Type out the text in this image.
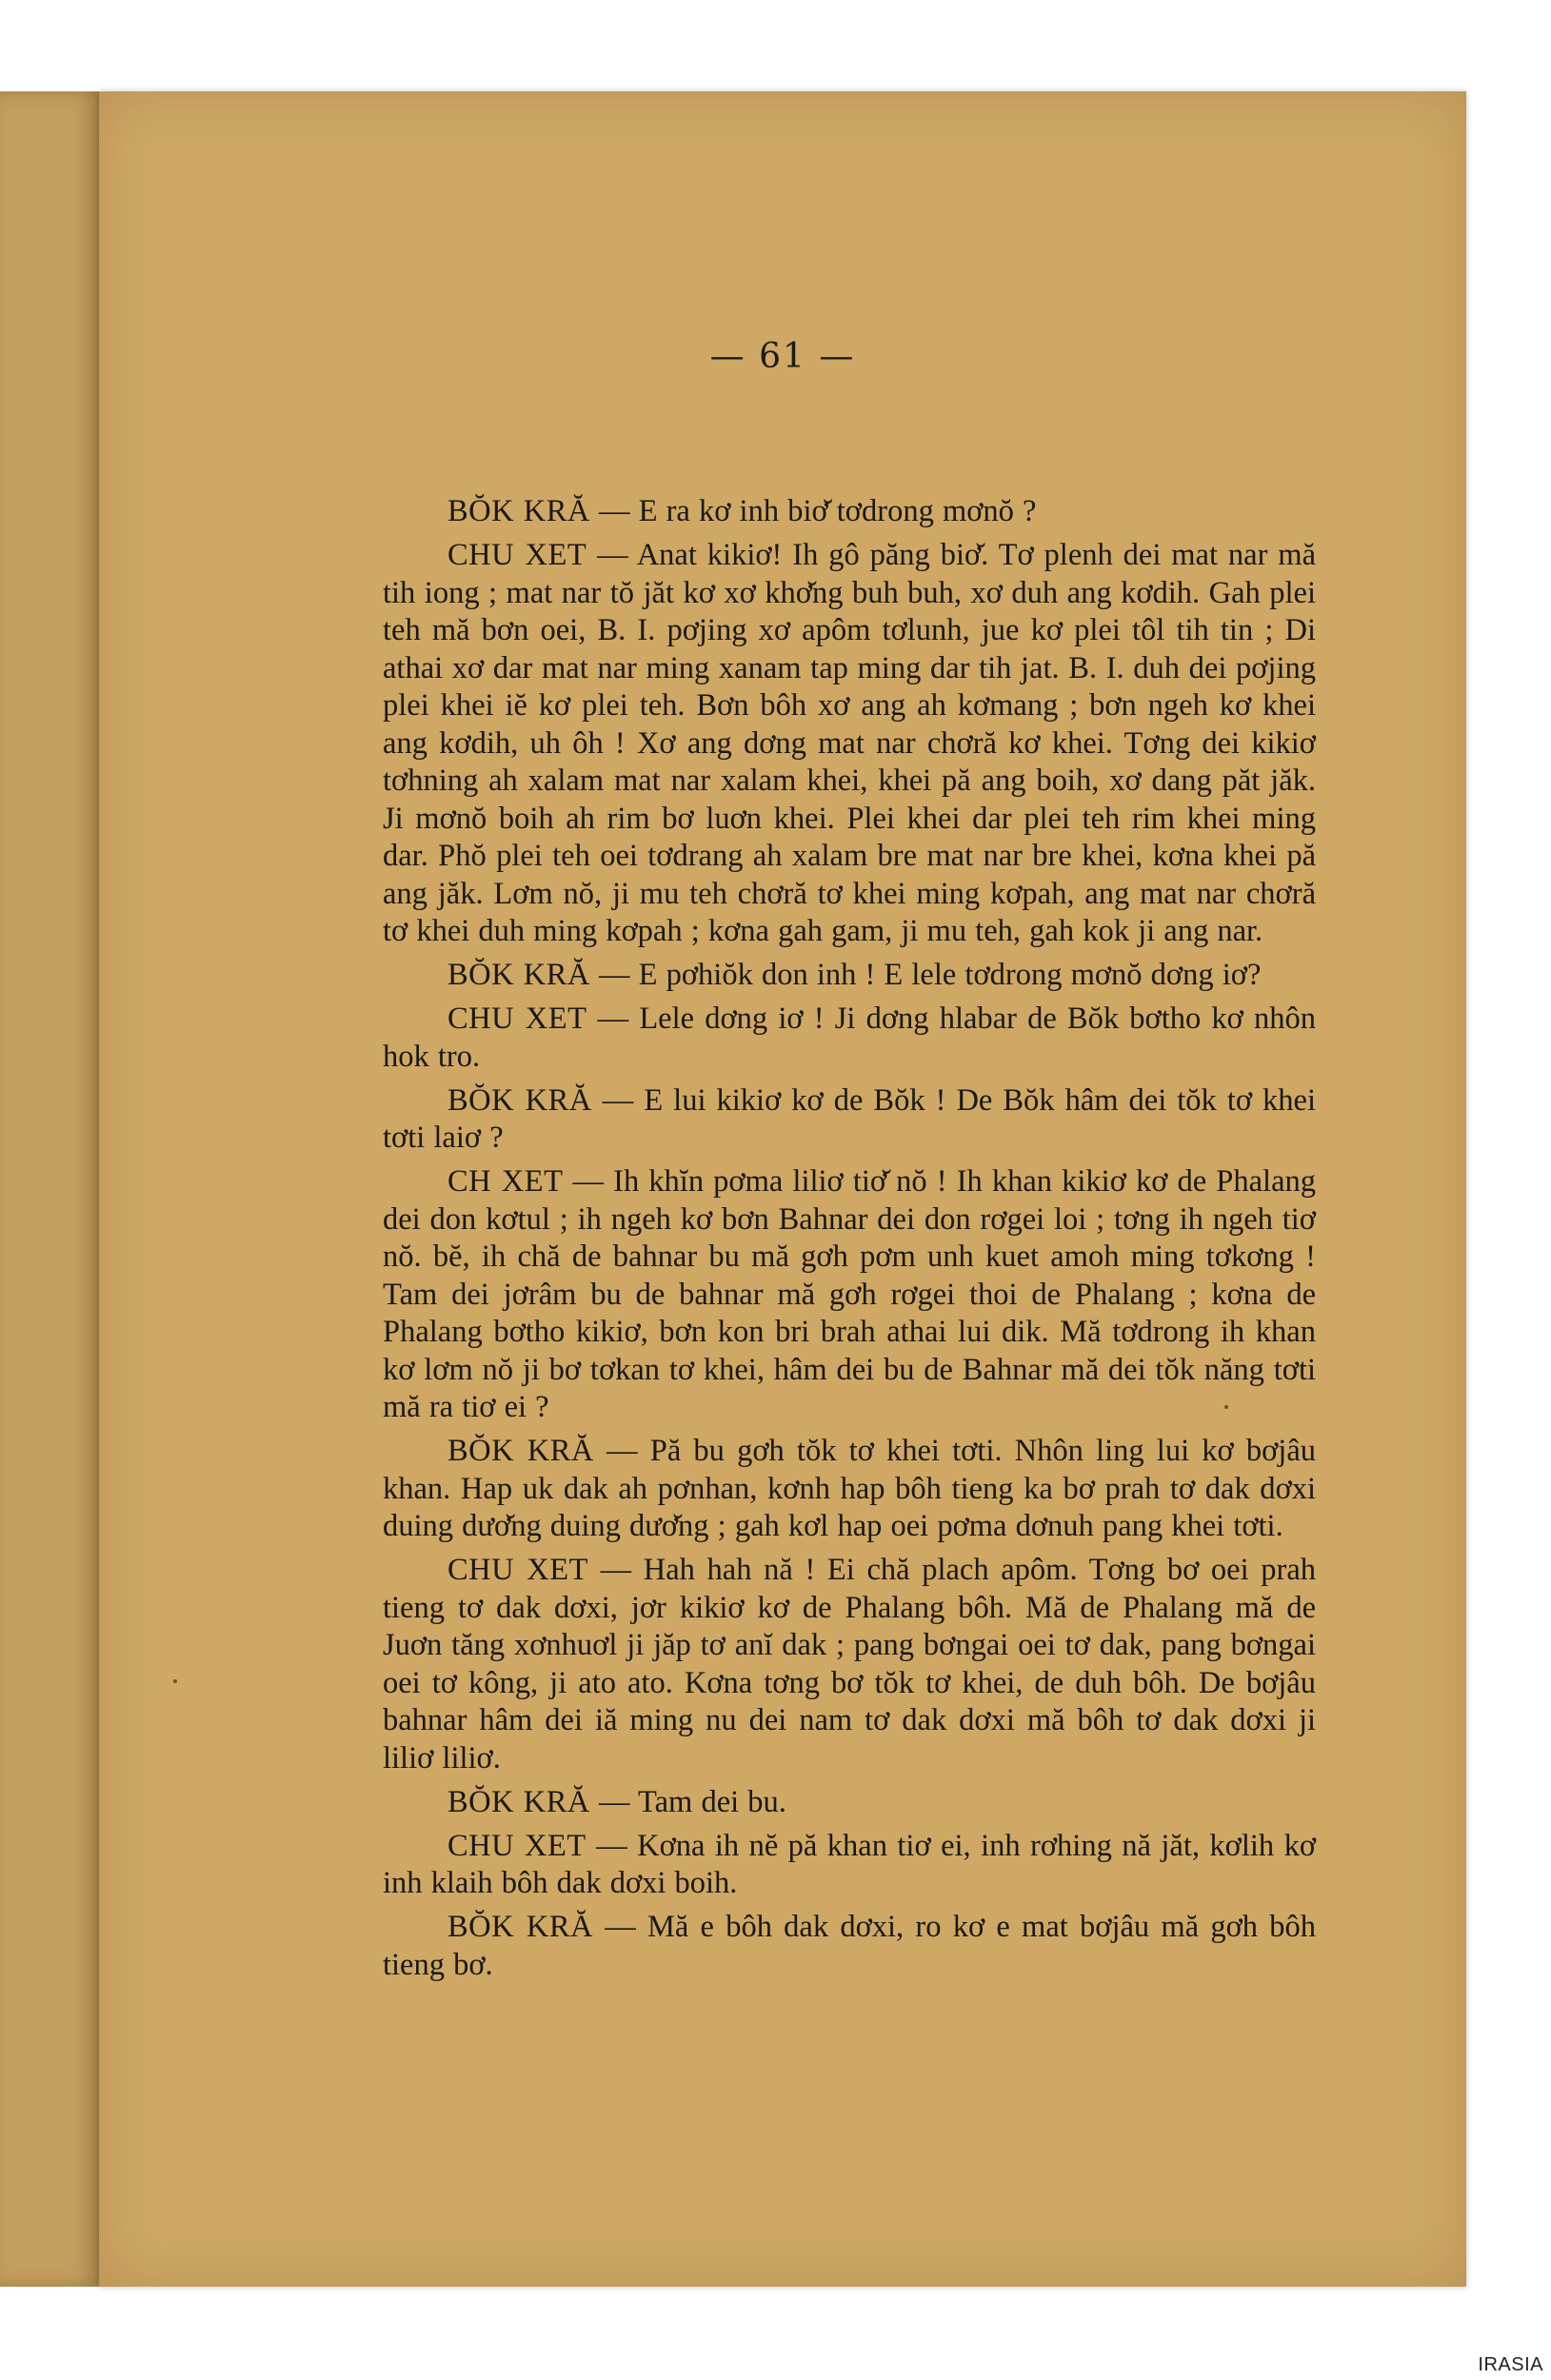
— 61 —

BŎK KRĂ — E ra kơ inh biơ̆ tơdrong mơnŏ ?

CHU XET — Anat kikiơ! Ih gô păng biơ̆. Tơ plenh dei mat nar mă tih iong ; mat nar tŏ jăt kơ xơ khơ̆ng buh buh, xơ duh ang kơdih. Gah plei teh mă bơn oei, B. I. pơjing xơ apôm tơlunh, jue kơ plei tôl tih tin ; Di athai xơ dar mat nar ming xanam tap ming dar tih jat. B. I. duh dei pơjing plei khei iĕ kơ plei teh. Bơn bôh xơ ang ah kơmang ; bơn ngeh kơ khei ang kơdih, uh ôh ! Xơ ang dơng mat nar chơră kơ khei. Tơng dei kikiơ tơhning ah xalam mat nar xalam khei, khei pă ang boih, xơ dang păt jăk. Ji mơnŏ boih ah rim bơ luơn khei. Plei khei dar plei teh rim khei ming dar. Phŏ plei teh oei tơdrang ah xalam bre mat nar bre khei, kơna khei pă ang jăk. Lơm nŏ, ji mu teh chơră tơ khei ming kơpah, ang mat nar chơră tơ khei duh ming kơpah ; kơna gah gam, ji mu teh, gah kok ji ang nar.

BŎK KRĂ — E pơhiŏk don inh ! E lele tơdrong mơnŏ dơng iơ?

CHU XET — Lele dơng iơ ! Ji dơng hlabar de Bŏk bơtho kơ nhôn hok tro.

BŎK KRĂ — E lui kikiơ kơ de Bŏk ! De Bŏk hâm dei tŏk tơ khei tơti laiơ ?

CH XET — Ih khĭn pơma liliơ tiơ̆ nŏ ! Ih khan kikiơ kơ de Phalang dei don kơtul ; ih ngeh kơ bơn Bahnar dei don rơgei loi ; tơng ih ngeh tiơ nŏ. bĕ, ih chă de bahnar bu mă gơh pơm unh kuet amoh ming tơkơng ! Tam dei jơrâm bu de bahnar mă gơh rơgei thoi de Phalang ; kơna de Phalang bơtho kikiơ, bơn kon bri brah athai lui dik. Mă tơdrong ih khan kơ lơm nŏ ji bơ tơkan tơ khei, hâm dei bu de Bahnar mă dei tŏk năng tơti mă ra tiơ ei ?

BŎK KRĂ — Pă bu gơh tŏk tơ khei tơti. Nhôn ling lui kơ bơjâu khan. Hap uk dak ah pơnhan, kơnh hap bôh tieng ka bơ prah tơ dak dơxi duing dươ̆ng duing dươ̆ng ; gah kơl hap oei pơma dơnuh pang khei tơti.

CHU XET — Hah hah nă ! Ei chă plach apôm. Tơng bơ oei prah tieng tơ dak dơxi, jơr kikiơ kơ de Phalang bôh. Mă de Phalang mă de Juơn tăng xơnhuơl ji jăp tơ anĭ dak ; pang bơngai oei tơ dak, pang bơngai oei tơ kông, ji ato ato. Kơna tơng bơ tŏk tơ khei, de duh bôh. De bơjâu bahnar hâm dei iă ming nu dei nam tơ dak dơxi mă bôh tơ dak dơxi ji liliơ liliơ.

BŎK KRĂ — Tam dei bu.

CHU XET — Kơna ih nĕ pă khan tiơ ei, inh rơhing nă jăt, kơlih kơ inh klaih bôh dak dơxi boih.

BŎK KRĂ — Mă e bôh dak dơxi, ro kơ e mat bơjâu mă gơh bôh tieng bơ.

IRASIA
